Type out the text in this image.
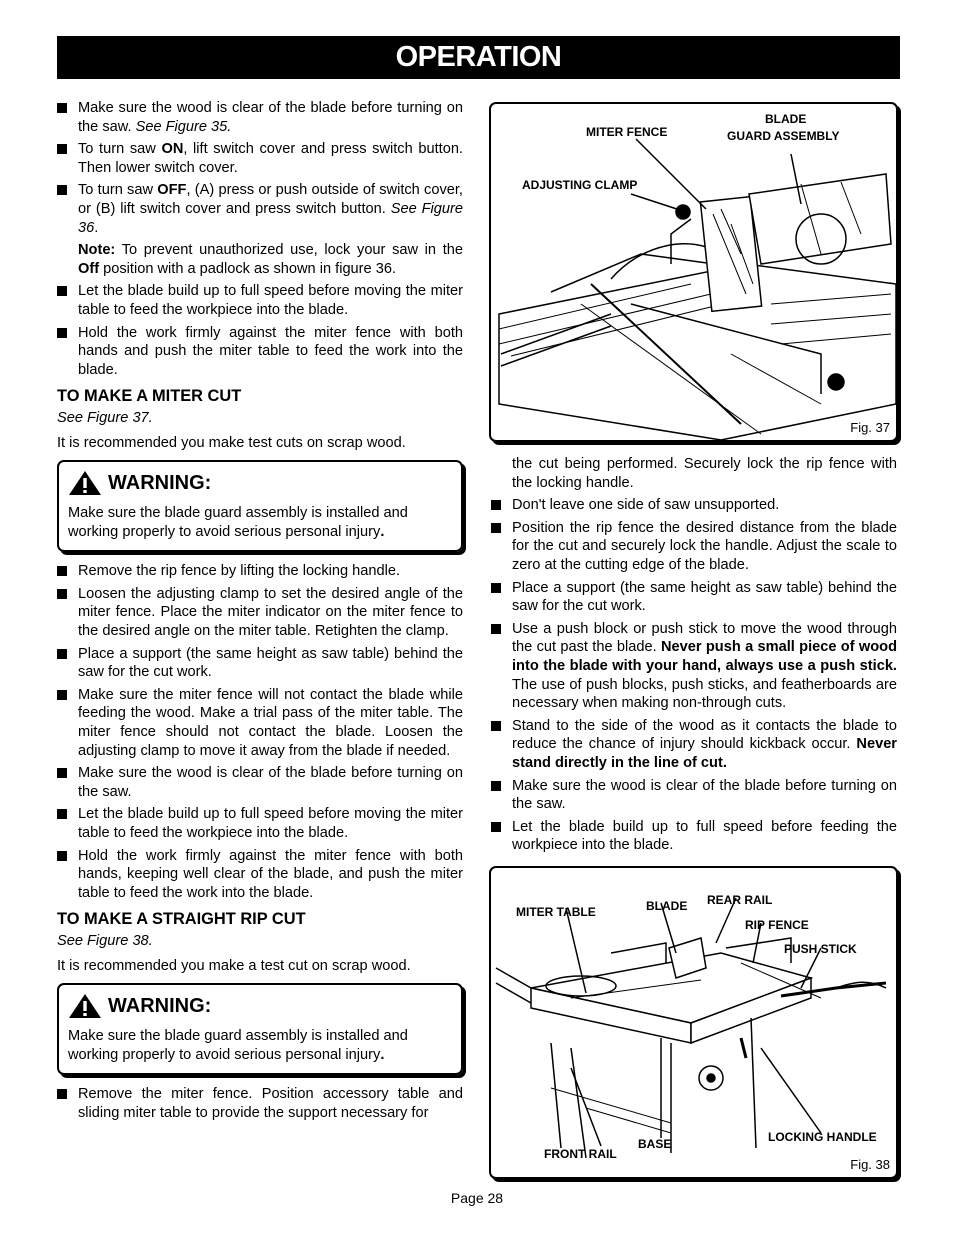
OPERATION

Make sure the wood is clear of the blade before turning on the saw. See Figure 35.

To turn saw ON, lift switch cover and press switch button. Then lower switch cover.

To turn saw OFF, (A) press or push outside of switch cover, or (B) lift switch cover and press switch button. See Figure 36.

Note: To prevent unauthorized use, lock your saw in the Off position with a padlock as shown in figure 36.

Let the blade build up to full speed before moving the miter table to feed the workpiece into the blade.

Hold the work firmly against the miter fence with both hands and push the miter table to feed the work into the blade.

TO MAKE A MITER CUT

See Figure 37.

It is recommended you make test cuts on scrap wood.

WARNING:
Make sure the blade guard assembly is installed and working properly to avoid serious personal injury.

Remove the rip fence by lifting the locking handle.

Loosen the adjusting clamp to set the desired angle of the miter fence. Place the miter indicator on the miter fence to the desired angle on the miter table. Retighten the clamp.

Place a support (the same height as saw table) behind the saw for the cut work.

Make sure the miter fence will not contact the blade while feeding the wood. Make a trial pass of the miter table. The miter fence should not contact the blade. Loosen the adjusting clamp to move it away from the blade if needed.

Make sure the wood is clear of the blade before turning on the saw.

Let the blade build up to full speed before moving the miter table to feed the workpiece into the blade.

Hold the work firmly against the miter fence with both hands, keeping well clear of the blade, and push the miter table to feed the work into the blade.

TO MAKE A STRAIGHT RIP CUT

See Figure 38.

It is recommended you make a test cut on scrap wood.

WARNING:
Make sure the blade guard assembly is installed and working properly to avoid serious personal injury.

Remove the miter fence. Position accessory table and sliding miter table to provide the support necessary for

MITER FENCE
BLADE
GUARD ASSEMBLY
ADJUSTING CLAMP
Fig. 37

the cut being performed. Securely lock the rip fence with the locking handle.

Don't leave one side of saw unsupported.

Position the rip fence the desired distance from the blade for the cut and securely lock the handle. Adjust the scale to zero at the cutting edge of the blade.

Place a support (the same height as saw table) behind the saw for the cut work.

Use a push block or push stick to move the wood through the cut past the blade. Never push a small piece of wood into the blade with your hand, always use a push stick. The use of push blocks, push sticks, and featherboards are necessary when making non-through cuts.

Stand to the side of the wood as it contacts the blade to reduce the chance of injury should kickback occur. Never stand directly in the line of cut.

Make sure the wood is clear of the blade before turning on the saw.

Let the blade build up to full speed before feeding the workpiece into the blade.

MITER TABLE	BLADE REAR RAIL
RIP FENCE
PUSH STICK
FRONT RAIL
BASE	LOCKING HANDLE
Fig. 38
Page 28
